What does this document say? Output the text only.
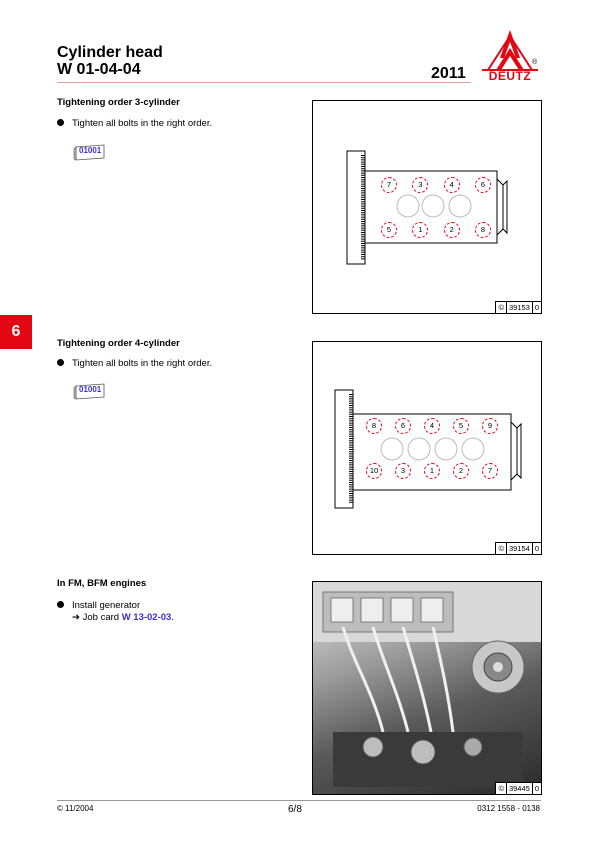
Cylinder head
W 01-04-04	2011
®
DEUTZ
6
Tightening order 3-cylinder
Tighten all bolts in the right order.
01001
7	3	4	6
5	1	2	8
© 39153 0
Tightening order 4-cylinder
Tighten all bolts in the right order.
01001
8	6	4	5	9
10	3	1	2	7
© 39154 0
In FM, BFM engines
Install generator
➔ Job card W 13-02-03.
© 39445 0
© 11/2004	6/8	0312 1558 - 0138
